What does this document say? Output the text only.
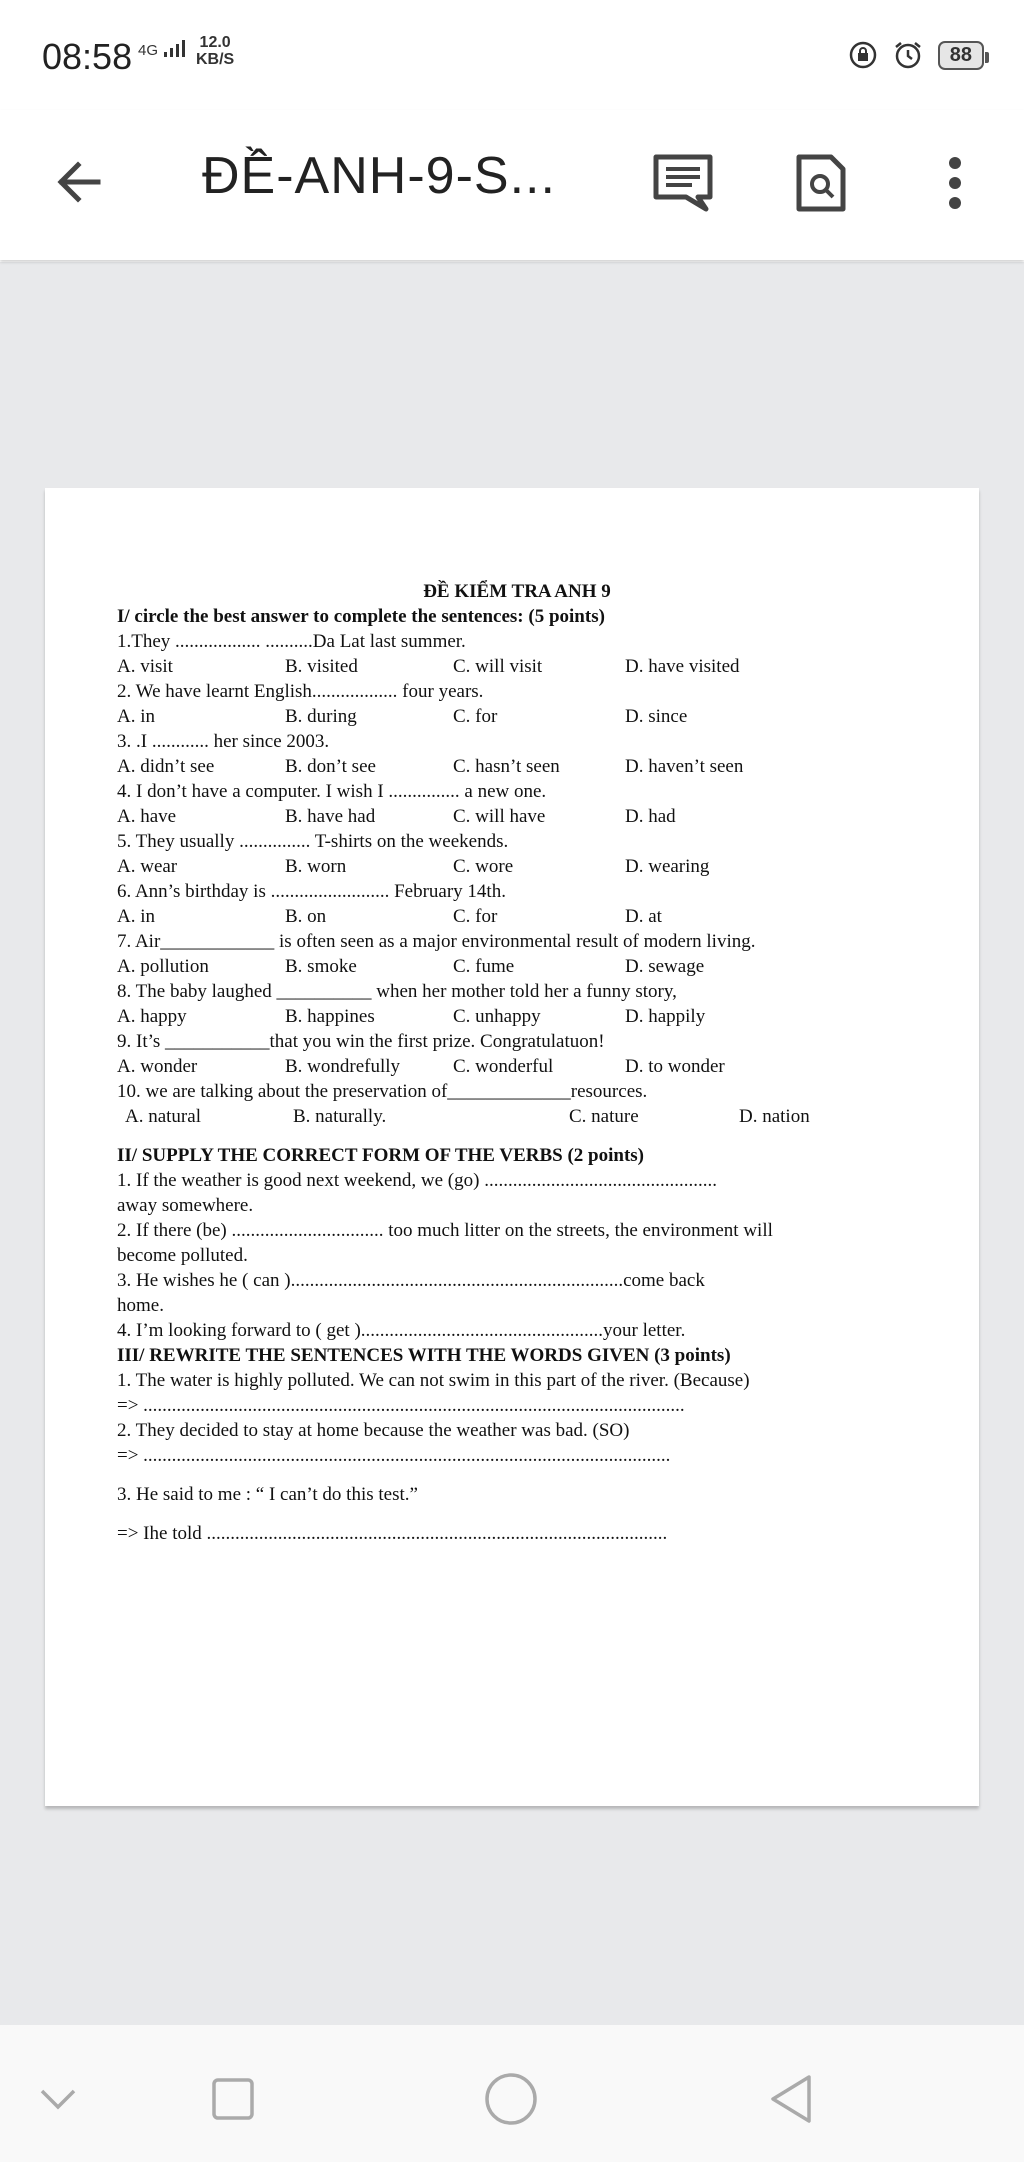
08:58 4G	12.0
KB/S	88
ĐỀ-ANH-9-S...
ĐỀ KIỂM TRA ANH 9
I/ circle the best answer to complete the sentences: (5 points)
1.They .................. ..........Da Lat last summer.
A. visit	B. visited	C. will visit	D. have visited
2. We have learnt English.................. four years.
A. in	B. during	C. for	D. since
3. .I ............ her since 2003.
A. didn’t see	B. don’t see	C. hasn’t seen	D. haven’t seen
4. I don’t have a computer. I wish I ............... a new one.
A. have	B. have had	C. will have	D. had
5. They usually ............... T-shirts on the weekends.
A. wear	B. worn	C. wore	D. wearing
6. Ann’s birthday is ......................... February 14th.
A. in	B. on	C. for	D. at
7. Air____________ is often seen as a major environmental result of modern living.
A. pollution	B. smoke	C. fume	D. sewage
8. The baby laughed __________ when her mother told her a funny story,
A. happy	B. happines	C. unhappy	D. happily
9. It’s ___________that you win the first prize. Congratulatuon!
A. wonder	B. wondrefully	C. wonderful	D. to wonder
10. we are talking about the preservation of_____________resources.
A. natural	B. naturally.	C. nature	D. nation
II/ SUPPLY THE CORRECT FORM OF THE VERBS (2 points)
1. If the weather is good next weekend, we (go) .................................................
away somewhere.
2. If there (be) ................................ too much litter on the streets, the environment will
become polluted.
3. He wishes he ( can )......................................................................come back
home.
4. I’m looking forward to ( get )...................................................your letter.
III/ REWRITE THE SENTENCES WITH THE WORDS GIVEN (3 points)
1. The water is highly polluted. We can not swim in this part of the river. (Because)
=> ..................................................................................................................
2. They decided to stay at home because the weather was bad. (SO)
=> ...............................................................................................................
3. He said to me : “ I can’t do this test.”
=> Ihe told .................................................................................................
